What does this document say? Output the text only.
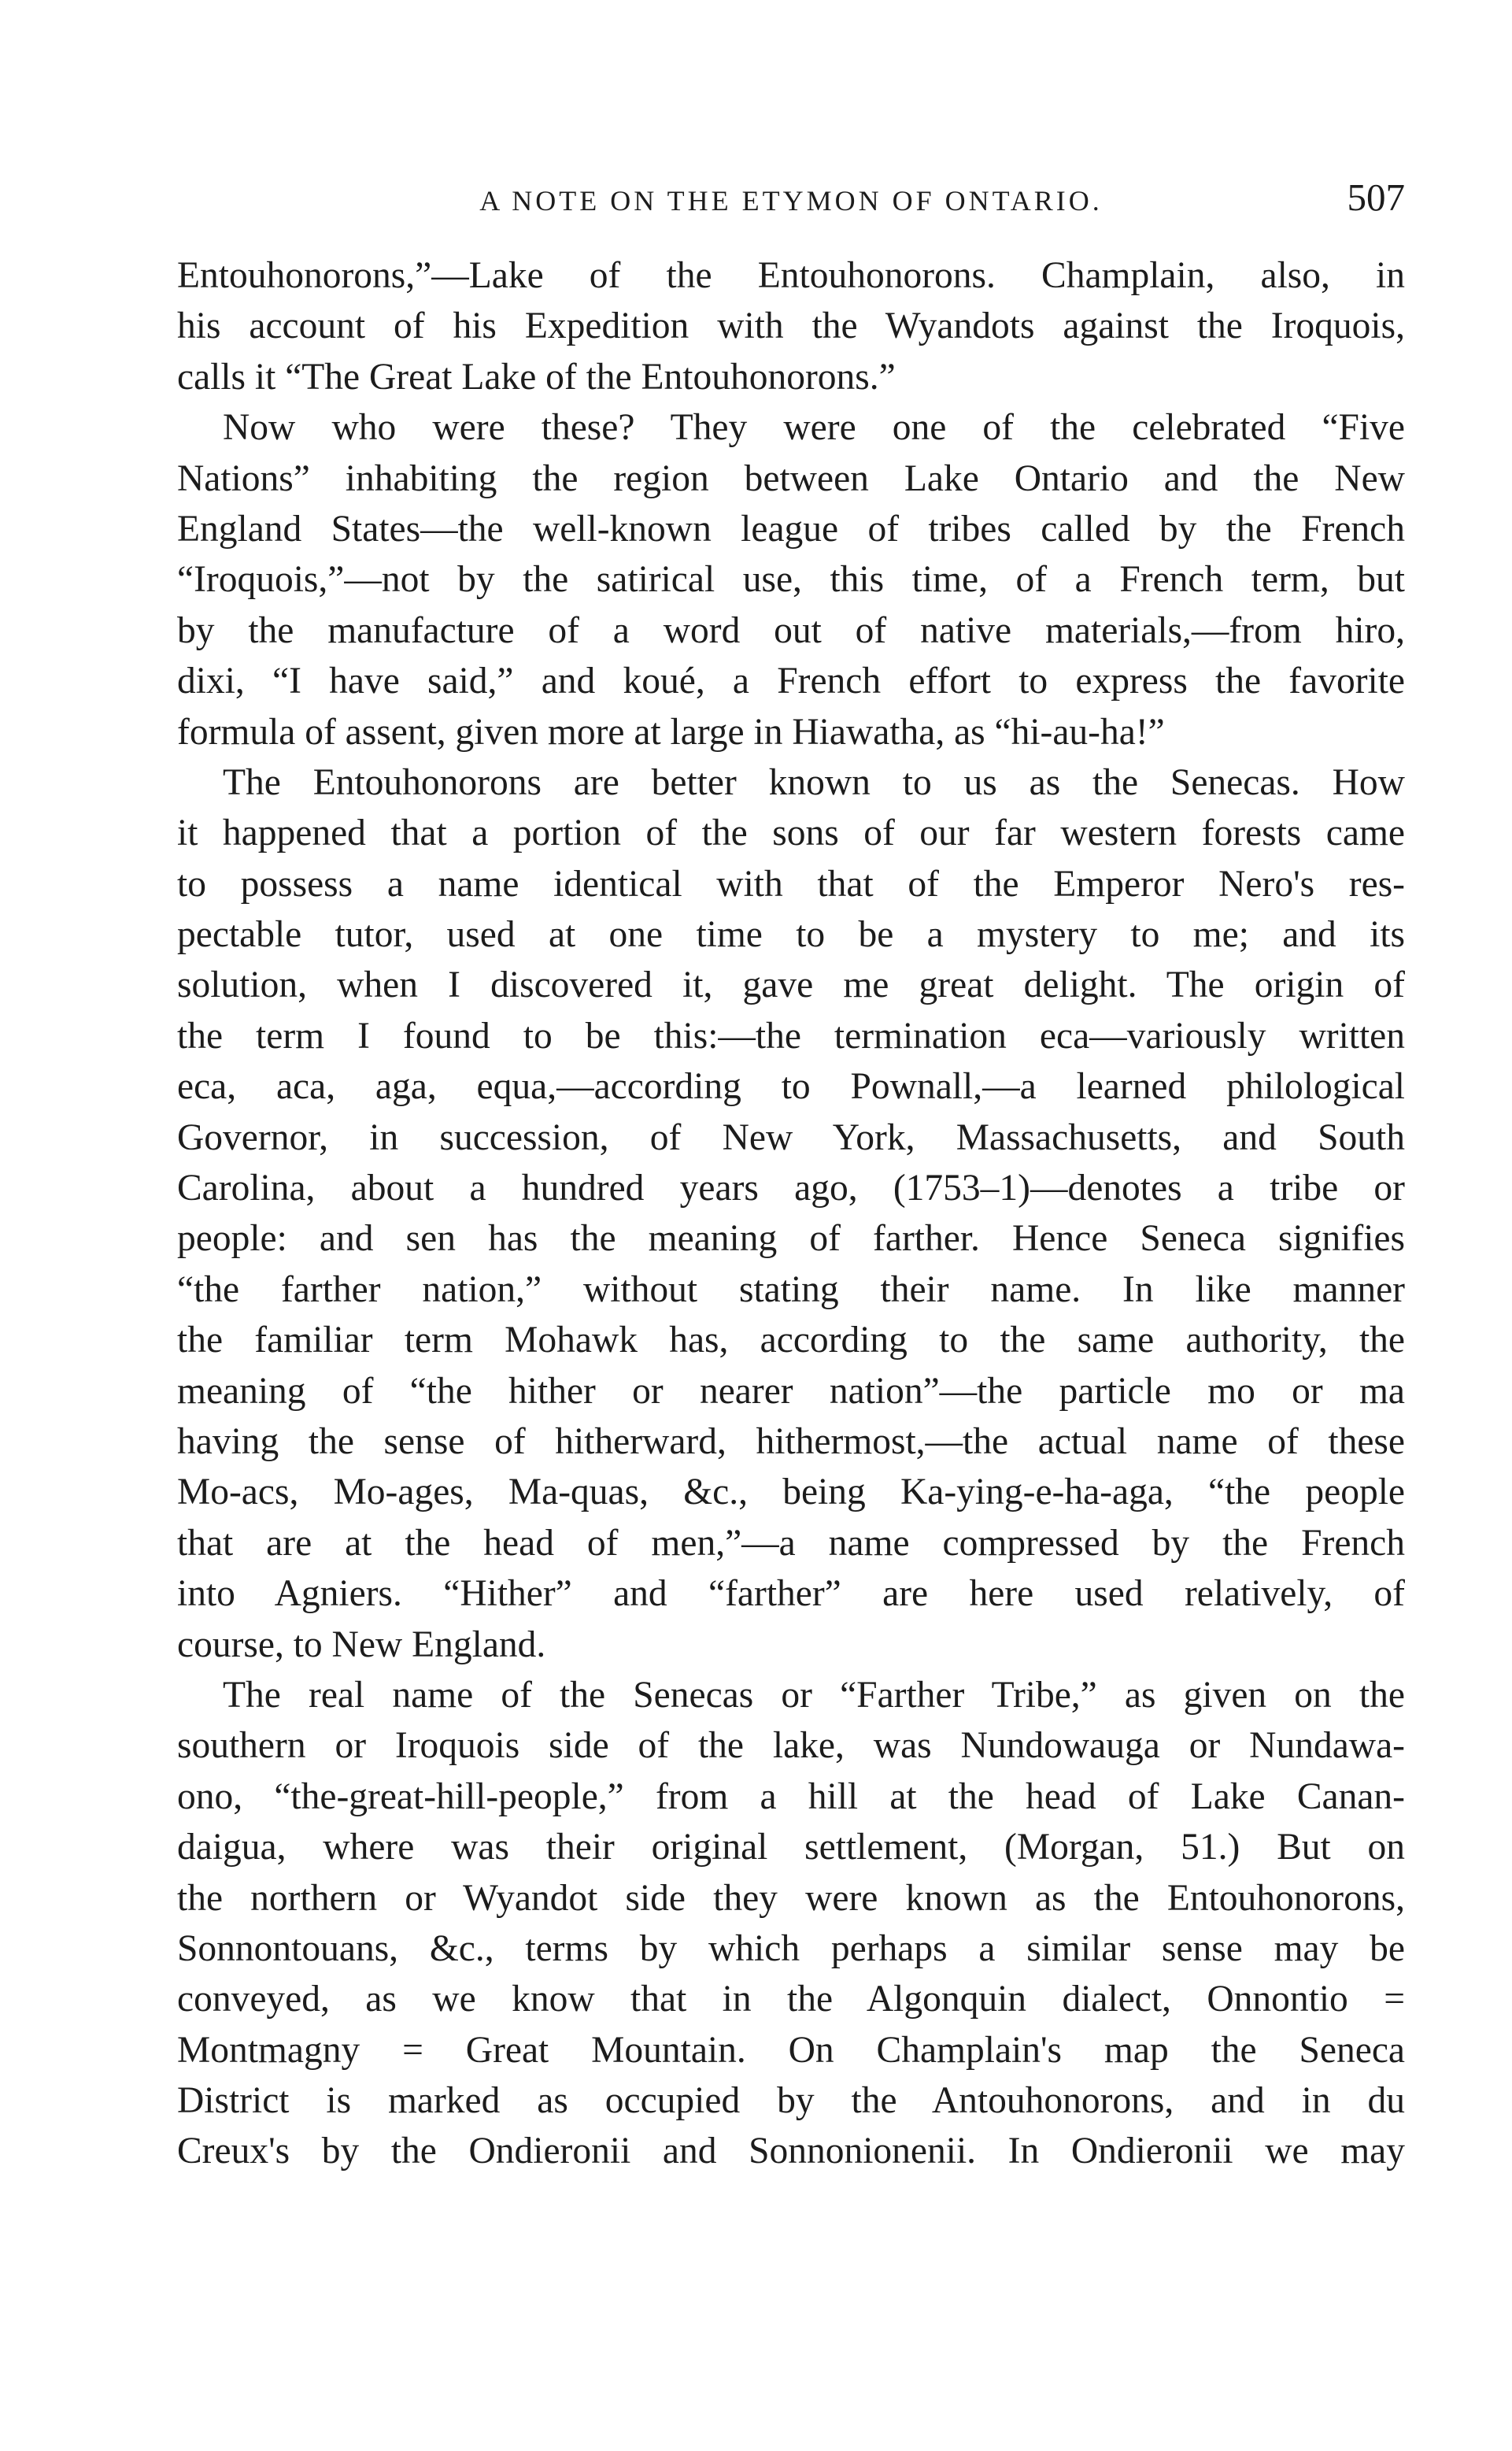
A NOTE ON THE ETYMON OF ONTARIO.	507
Entouhonorons,”—Lake of the Entouhonorons. Champlain, also, in
his account of his Expedition with the Wyandots against the Iroquois,
calls it “The Great Lake of the Entouhonorons.”
Now who were these? They were one of the celebrated “Five
Nations” inhabiting the region between Lake Ontario and the New
England States—the well-known league of tribes called by the French
“Iroquois,”—not by the satirical use, this time, of a French term, but
by the manufacture of a word out of native materials,—from hiro,
dixi, “I have said,” and koué, a French effort to express the favorite
formula of assent, given more at large in Hiawatha, as “hi-au-ha!”
The Entouhonorons are better known to us as the Senecas. How
it happened that a portion of the sons of our far western forests came
to possess a name identical with that of the Emperor Nero's res-
pectable tutor, used at one time to be a mystery to me; and its
solution, when I discovered it, gave me great delight. The origin of
the term I found to be this:—the termination eca—variously written
eca, aca, aga, equa,—according to Pownall,—a learned philological
Governor, in succession, of New York, Massachusetts, and South
Carolina, about a hundred years ago, (1753–1)—denotes a tribe or
people: and sen has the meaning of farther. Hence Seneca signifies
“the farther nation,” without stating their name. In like manner
the familiar term Mohawk has, according to the same authority, the
meaning of “the hither or nearer nation”—the particle mo or ma
having the sense of hitherward, hithermost,—the actual name of these
Mo-acs, Mo-ages, Ma-quas, &c., being Ka-ying-e-ha-aga, “the people
that are at the head of men,”—a name compressed by the French
into Agniers. “Hither” and “farther” are here used relatively, of
course, to New England.
The real name of the Senecas or “Farther Tribe,” as given on the
southern or Iroquois side of the lake, was Nundowauga or Nundawa-
ono, “the-great-hill-people,” from a hill at the head of Lake Canan-
daigua, where was their original settlement, (Morgan, 51.) But on
the northern or Wyandot side they were known as the Entouhonorons,
Sonnontouans, &c., terms by which perhaps a similar sense may be
conveyed, as we know that in the Algonquin dialect, Onnontio =
Montmagny = Great Mountain. On Champlain's map the Seneca
District is marked as occupied by the Antouhonorons, and in du
Creux's by the Ondieronii and Sonnonionenii. In Ondieronii we may
